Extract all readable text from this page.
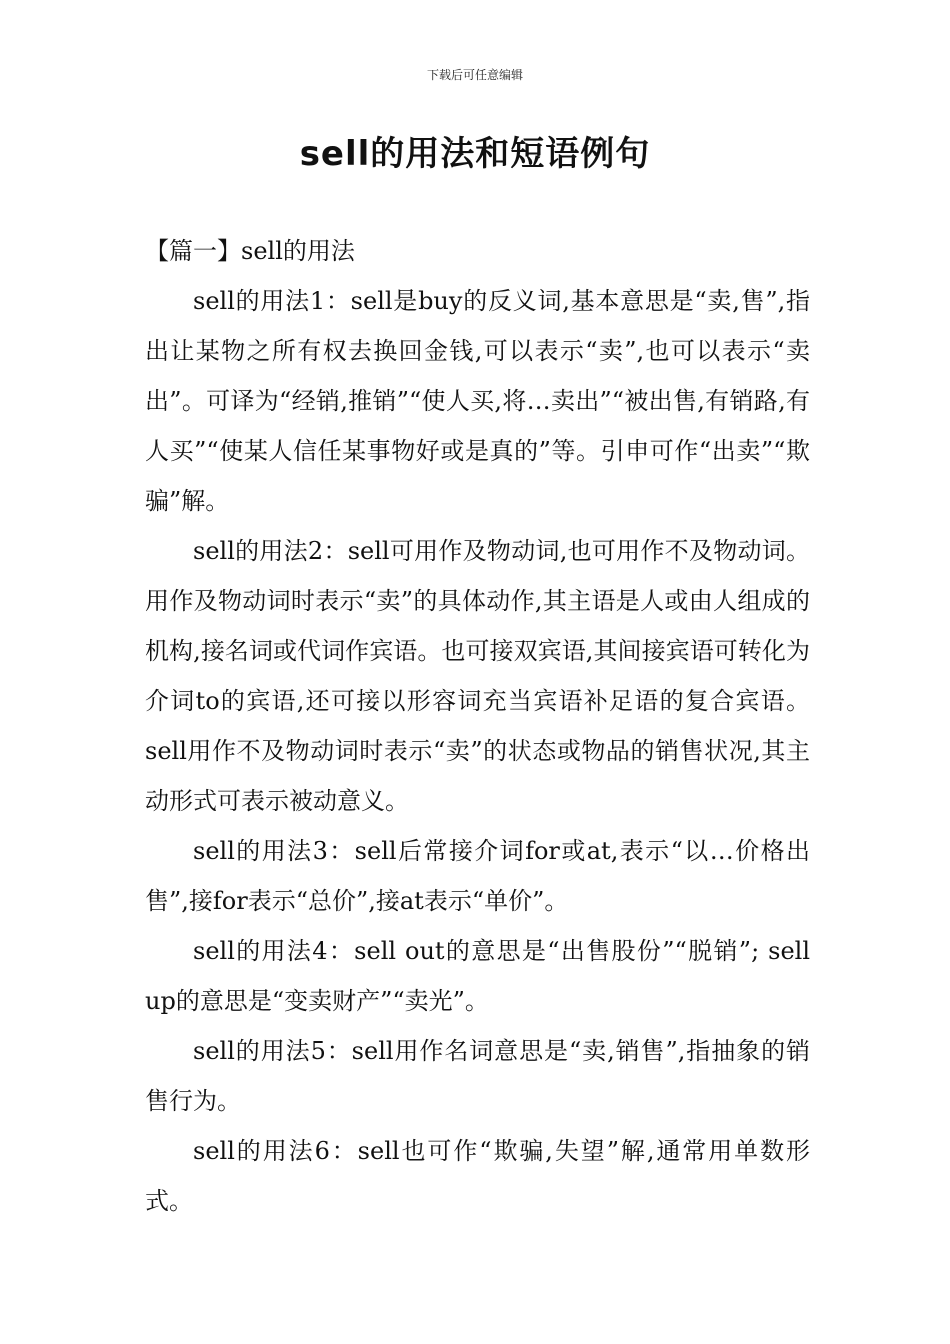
下载后可任意编辑
sell的用法和短语例句
【篇一】sell的用法

sell的用法1：sell是buy的反义词,基本意思是“卖,售”,指出让某物之所有权去换回金钱,可以表示“卖”,也可以表示“卖出”。可译为“经销,推销”“使人买,将…卖出”“被出售,有销路,有人买”“使某人信任某事物好或是真的”等。引申可作“出卖”“欺骗”解。

sell的用法2：sell可用作及物动词,也可用作不及物动词。用作及物动词时表示“卖”的具体动作,其主语是人或由人组成的机构,接名词或代词作宾语。也可接双宾语,其间接宾语可转化为介词to的宾语,还可接以形容词充当宾语补足语的复合宾语。sell用作不及物动词时表示“卖”的状态或物品的销售状况,其主动形式可表示被动意义。

sell的用法3：sell后常接介词for或at,表示“以…价格出售”,接for表示“总价”,接at表示“单价”。

sell的用法4：sell out的意思是“出售股份”“脱销”; sell up的意思是“变卖财产”“卖光”。

sell的用法5：sell用作名词意思是“卖,销售”,指抽象的销售行为。

sell的用法6：sell也可作“欺骗,失望”解,通常用单数形式。
